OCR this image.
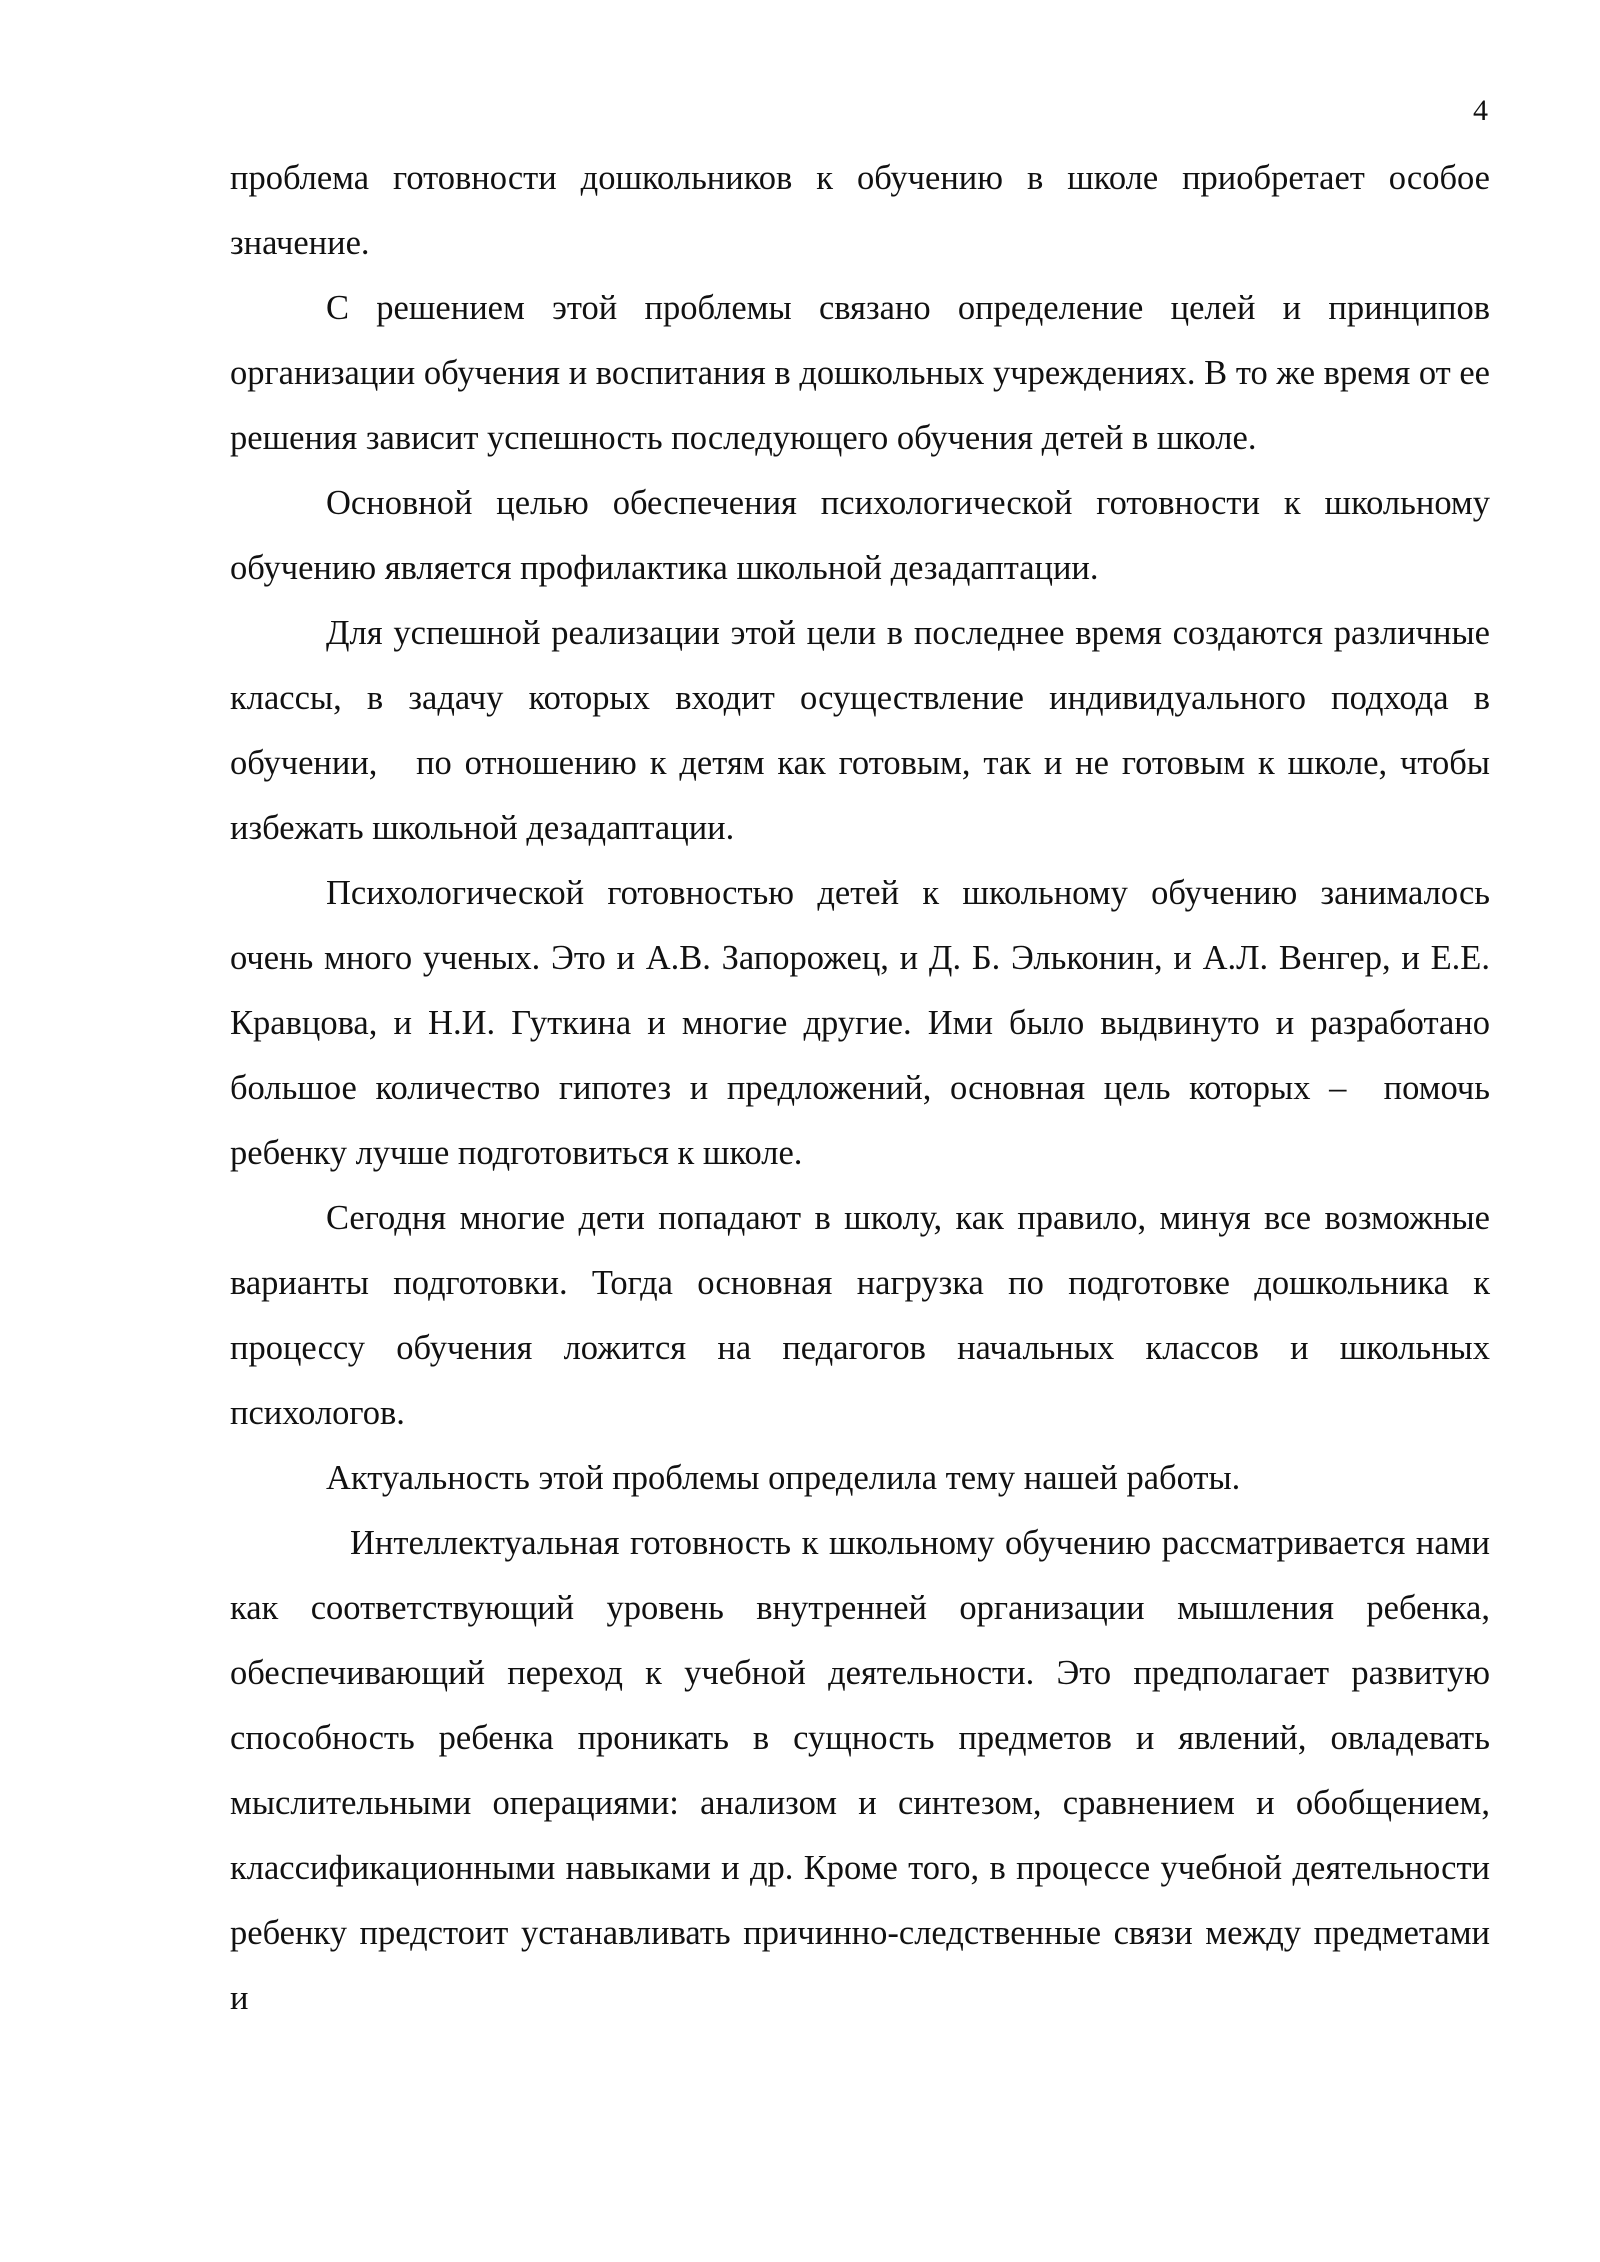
4

проблема готовности дошкольников к обучению в школе приобретает особое значение.

С решением этой проблемы связано определение целей и принципов организации обучения и воспитания в дошкольных учреждениях. В то же время от ее решения зависит успешность последующего обучения детей в школе.

Основной целью обеспечения психологической готовности к школьному обучению является профилактика школьной дезадаптации.

Для успешной реализации этой цели в последнее время создаются различные классы, в задачу которых входит осуществление индивидуального подхода в обучении,   по отношению к детям как готовым, так и не готовым к школе, чтобы избежать школьной дезадаптации.

Психологической готовностью детей к школьному обучению занималось очень много ученых. Это и А.В. Запорожец, и Д. Б. Эльконин, и А.Л. Венгер, и Е.Е. Кравцова, и Н.И. Гуткина и многие другие. Ими было выдвинуто и разработано большое количество гипотез и предложений, основная цель которых –  помочь ребенку лучше подготовиться к школе.

Сегодня многие дети попадают в школу, как правило, минуя все возможные варианты подготовки. Тогда основная нагрузка по подготовке дошкольника к процессу обучения ложится на педагогов начальных классов и школьных психологов.

Актуальность этой проблемы определила тему нашей работы.

Интеллектуальная готовность к школьному обучению рассматривается нами как соответствующий уровень внутренней организации мышления ребенка, обеспечивающий переход к учебной деятельности. Это предполагает развитую способность ребенка проникать в сущность предметов и явлений, овладевать мыслительными операциями: анализом и синтезом, сравнением и обобщением, классификационными навыками и др. Кроме того, в процессе учебной деятельности ребенку предстоит устанавливать причинно-следственные связи между предметами и
